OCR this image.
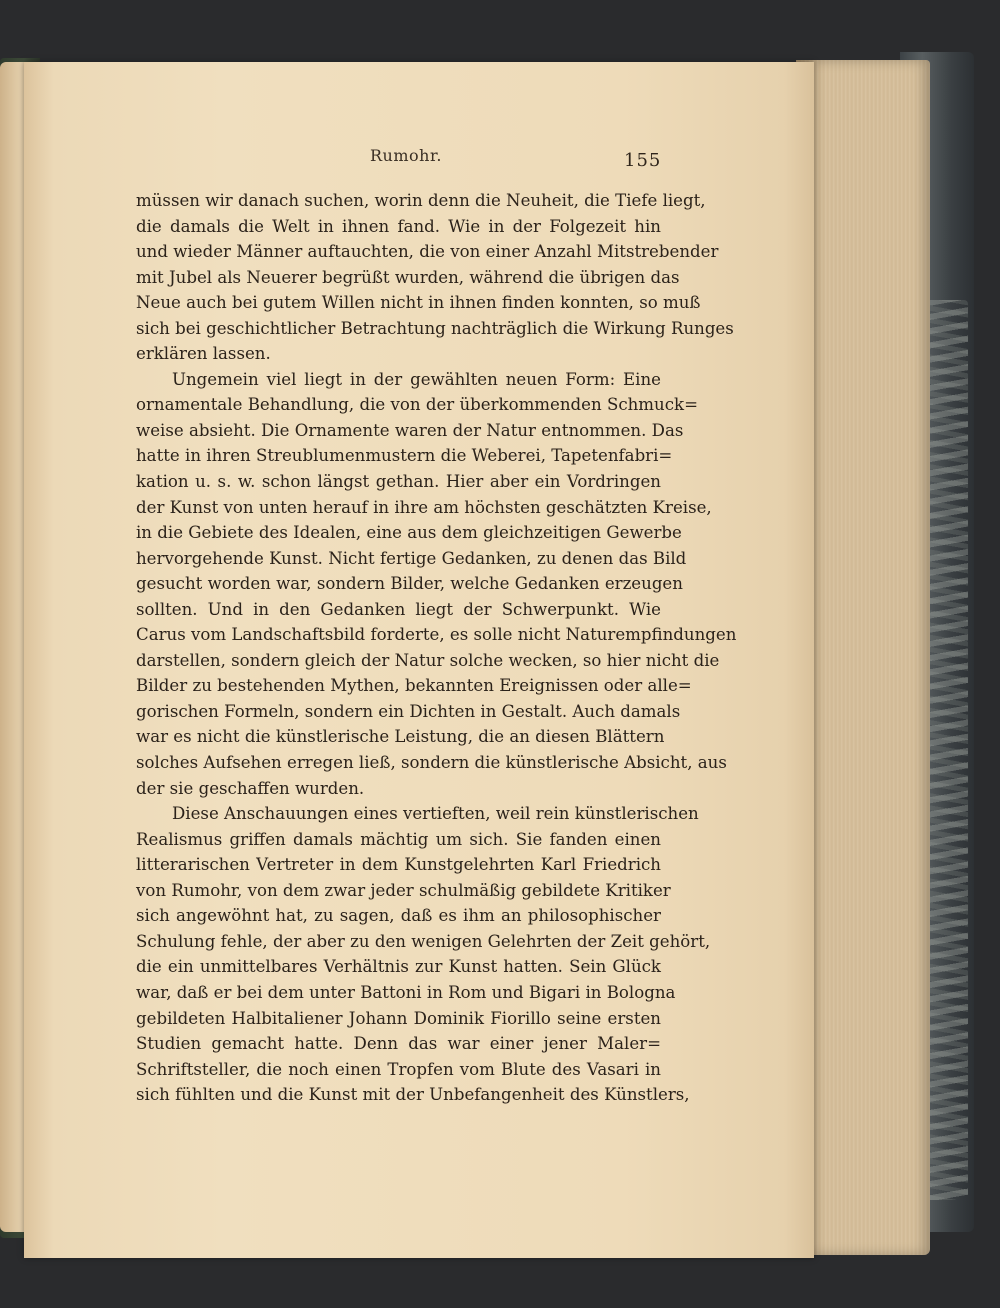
Rumohr.	155
müssen wir danach suchen, worin denn die Neuheit, die Tiefe liegt,
die damals die Welt in ihnen fand. Wie in der Folgezeit hin
und wieder Männer auftauchten, die von einer Anzahl Mitstrebender
mit Jubel als Neuerer begrüßt wurden, während die übrigen das
Neue auch bei gutem Willen nicht in ihnen finden konnten, so muß
sich bei geschichtlicher Betrachtung nachträglich die Wirkung Runges
erklären lassen.
Ungemein viel liegt in der gewählten neuen Form: Eine
ornamentale Behandlung, die von der überkommenden Schmuck=
weise absieht. Die Ornamente waren der Natur entnommen. Das
hatte in ihren Streublumenmustern die Weberei, Tapetenfabri=
kation u. s. w. schon längst gethan. Hier aber ein Vordringen
der Kunst von unten herauf in ihre am höchsten geschätzten Kreise,
in die Gebiete des Idealen, eine aus dem gleichzeitigen Gewerbe
hervorgehende Kunst. Nicht fertige Gedanken, zu denen das Bild
gesucht worden war, sondern Bilder, welche Gedanken erzeugen
sollten. Und in den Gedanken liegt der Schwerpunkt. Wie
Carus vom Landschaftsbild forderte, es solle nicht Naturempfindungen
darstellen, sondern gleich der Natur solche wecken, so hier nicht die
Bilder zu bestehenden Mythen, bekannten Ereignissen oder alle=
gorischen Formeln, sondern ein Dichten in Gestalt. Auch damals
war es nicht die künstlerische Leistung, die an diesen Blättern
solches Aufsehen erregen ließ, sondern die künstlerische Absicht, aus
der sie geschaffen wurden.
Diese Anschauungen eines vertieften, weil rein künstlerischen
Realismus griffen damals mächtig um sich. Sie fanden einen
litterarischen Vertreter in dem Kunstgelehrten Karl Friedrich
von Rumohr, von dem zwar jeder schulmäßig gebildete Kritiker
sich angewöhnt hat, zu sagen, daß es ihm an philosophischer
Schulung fehle, der aber zu den wenigen Gelehrten der Zeit gehört,
die ein unmittelbares Verhältnis zur Kunst hatten. Sein Glück
war, daß er bei dem unter Battoni in Rom und Bigari in Bologna
gebildeten Halbitaliener Johann Dominik Fiorillo seine ersten
Studien gemacht hatte. Denn das war einer jener Maler=
Schriftsteller, die noch einen Tropfen vom Blute des Vasari in
sich fühlten und die Kunst mit der Unbefangenheit des Künstlers,
